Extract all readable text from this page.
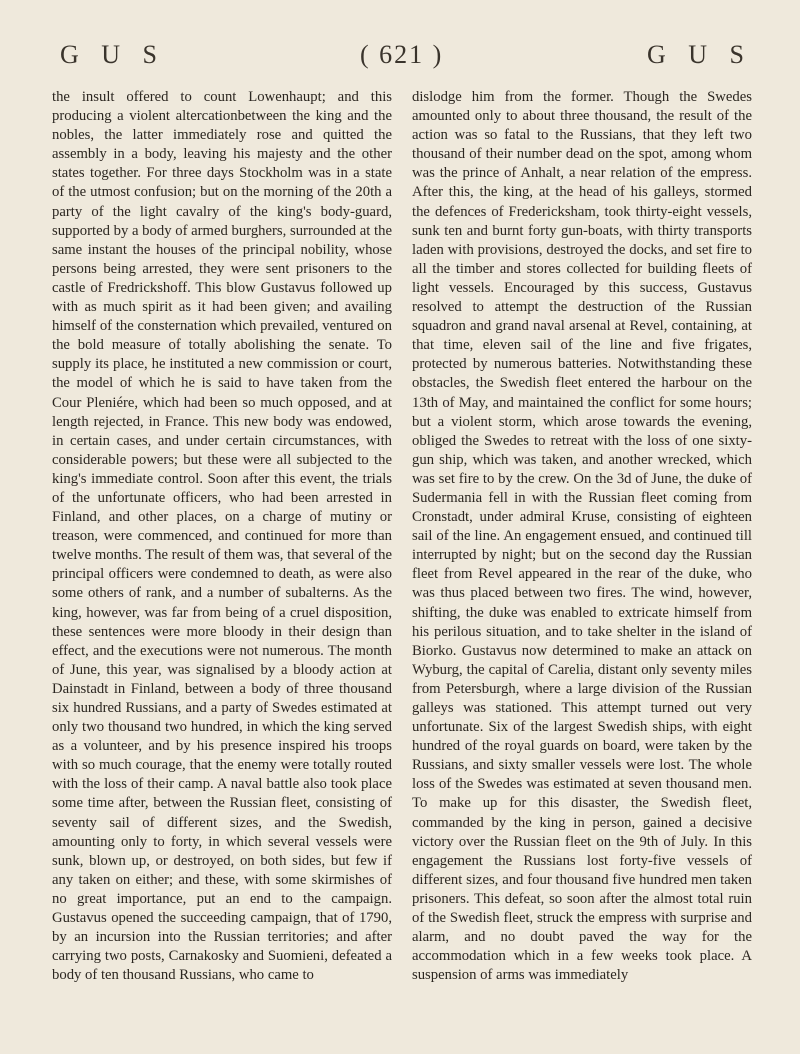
G U S	( 621 )	G U S

the insult offered to count Lowenhaupt; and this producing a violent altercationbetween the king and the nobles, the latter immediately rose and quitted the assembly in a body, leaving his majesty and the other states together. For three days Stockholm was in a state of the utmost confusion; but on the morning of the 20th a party of the light cavalry of the king's body-guard, supported by a body of armed burghers, surrounded at the same instant the houses of the principal nobility, whose persons being arrested, they were sent prisoners to the castle of Fredrickshoff. This blow Gustavus followed up with as much spirit as it had been given; and availing himself of the consternation which prevailed, ventured on the bold measure of totally abolishing the senate. To supply its place, he instituted a new commission or court, the model of which he is said to have taken from the Cour Pleniére, which had been so much opposed, and at length rejected, in France. This new body was endowed, in certain cases, and under certain circumstances, with considerable powers; but these were all subjected to the king's immediate control. Soon after this event, the trials of the unfortunate officers, who had been arrested in Finland, and other places, on a charge of mutiny or treason, were commenced, and continued for more than twelve months. The result of them was, that several of the principal officers were condemned to death, as were also some others of rank, and a number of subalterns. As the king, however, was far from being of a cruel disposition, these sentences were more bloody in their design than effect, and the executions were not numerous. The month of June, this year, was signalised by a bloody action at Dainstadt in Finland, between a body of three thousand six hundred Russians, and a party of Swedes estimated at only two thousand two hundred, in which the king served as a volunteer, and by his presence inspired his troops with so much courage, that the enemy were totally routed with the loss of their camp. A naval battle also took place some time after, between the Russian fleet, consisting of seventy sail of different sizes, and the Swedish, amounting only to forty, in which several vessels were sunk, blown up, or destroyed, on both sides, but few if any taken on either; and these, with some skirmishes of no great importance, put an end to the campaign. Gustavus opened the succeeding campaign, that of 1790, by an incursion into the Russian territories; and after carrying two posts, Carnakosky and Suomieni, defeated a body of ten thousand Russians, who came to

dislodge him from the former. Though the Swedes amounted only to about three thousand, the result of the action was so fatal to the Russians, that they left two thousand of their number dead on the spot, among whom was the prince of Anhalt, a near relation of the empress. After this, the king, at the head of his galleys, stormed the defences of Fredericksham, took thirty-eight vessels, sunk ten and burnt forty gun-boats, with thirty transports laden with provisions, destroyed the docks, and set fire to all the timber and stores collected for building fleets of light vessels. Encouraged by this success, Gustavus resolved to attempt the destruction of the Russian squadron and grand naval arsenal at Revel, containing, at that time, eleven sail of the line and five frigates, protected by numerous batteries. Notwithstanding these obstacles, the Swedish fleet entered the harbour on the 13th of May, and maintained the conflict for some hours; but a violent storm, which arose towards the evening, obliged the Swedes to retreat with the loss of one sixty-gun ship, which was taken, and another wrecked, which was set fire to by the crew. On the 3d of June, the duke of Sudermania fell in with the Russian fleet coming from Cronstadt, under admiral Kruse, consisting of eighteen sail of the line. An engagement ensued, and continued till interrupted by night; but on the second day the Russian fleet from Revel appeared in the rear of the duke, who was thus placed between two fires. The wind, however, shifting, the duke was enabled to extricate himself from his perilous situation, and to take shelter in the island of Biorko. Gustavus now determined to make an attack on Wyburg, the capital of Carelia, distant only seventy miles from Petersburgh, where a large division of the Russian galleys was stationed. This attempt turned out very unfortunate. Six of the largest Swedish ships, with eight hundred of the royal guards on board, were taken by the Russians, and sixty smaller vessels were lost. The whole loss of the Swedes was estimated at seven thousand men. To make up for this disaster, the Swedish fleet, commanded by the king in person, gained a decisive victory over the Russian fleet on the 9th of July. In this engagement the Russians lost forty-five vessels of different sizes, and four thousand five hundred men taken prisoners. This defeat, so soon after the almost total ruin of the Swedish fleet, struck the empress with surprise and alarm, and no doubt paved the way for the accommodation which in a few weeks took place. A suspension of arms was immediately
